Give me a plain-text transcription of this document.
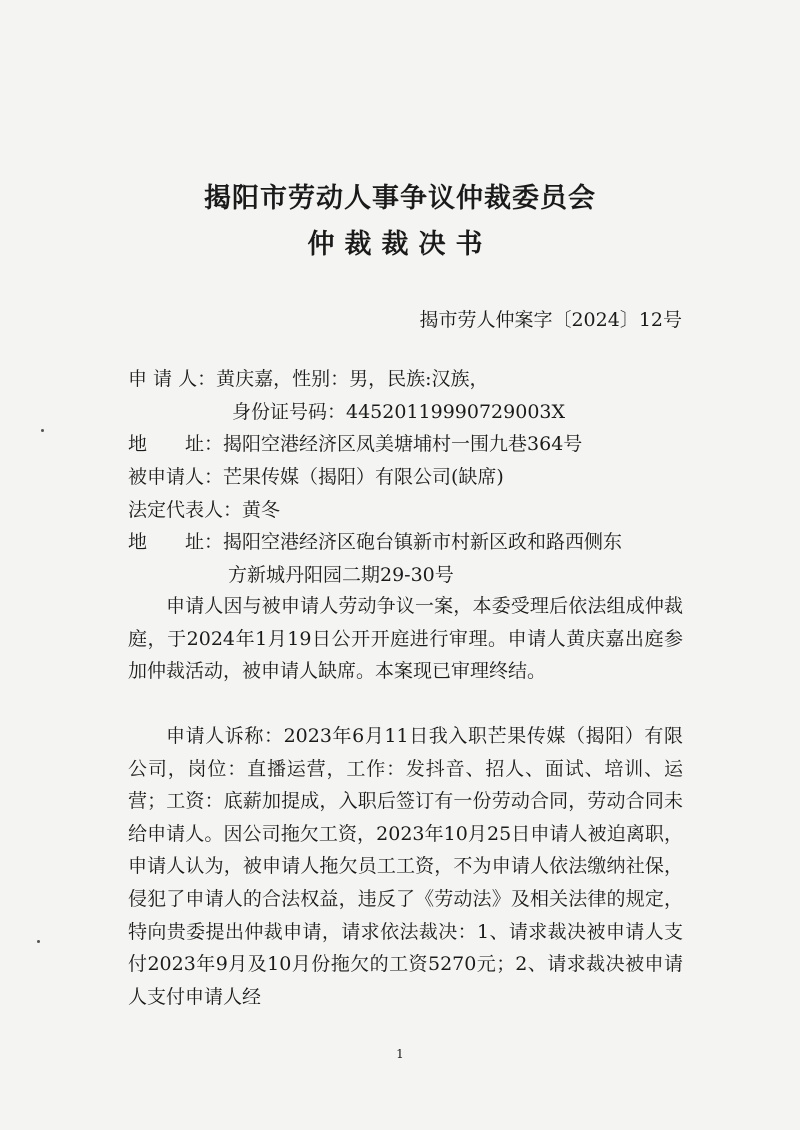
揭阳市劳动人事争议仲裁委员会
仲裁裁决书
揭市劳人仲案字〔2024〕12号
申 请 人：黄庆嘉，性别：男，民族:汉族，
身份证号码：44520119990729003X
地　　址：揭阳空港经济区凤美塘埔村一围九巷364号
被申请人：芒果传媒（揭阳）有限公司(缺席)
法定代表人：黄冬
地　　址：揭阳空港经济区砲台镇新市村新区政和路西侧东
方新城丹阳园二期29-30号
申请人因与被申请人劳动争议一案，本委受理后依法组成仲裁庭，于2024年1月19日公开开庭进行审理。申请人黄庆嘉出庭参加仲裁活动，被申请人缺席。本案现已审理终结。
申请人诉称：2023年6月11日我入职芒果传媒（揭阳）有限公司，岗位：直播运营，工作：发抖音、招人、面试、培训、运营；工资：底薪加提成，入职后签订有一份劳动合同，劳动合同未给申请人。因公司拖欠工资，2023年10月25日申请人被迫离职，申请人认为，被申请人拖欠员工工资，不为申请人依法缴纳社保，侵犯了申请人的合法权益，违反了《劳动法》及相关法律的规定，特向贵委提出仲裁申请，请求依法裁决：1、请求裁决被申请人支付2023年9月及10月份拖欠的工资5270元；2、请求裁决被申请人支付申请人经
1
